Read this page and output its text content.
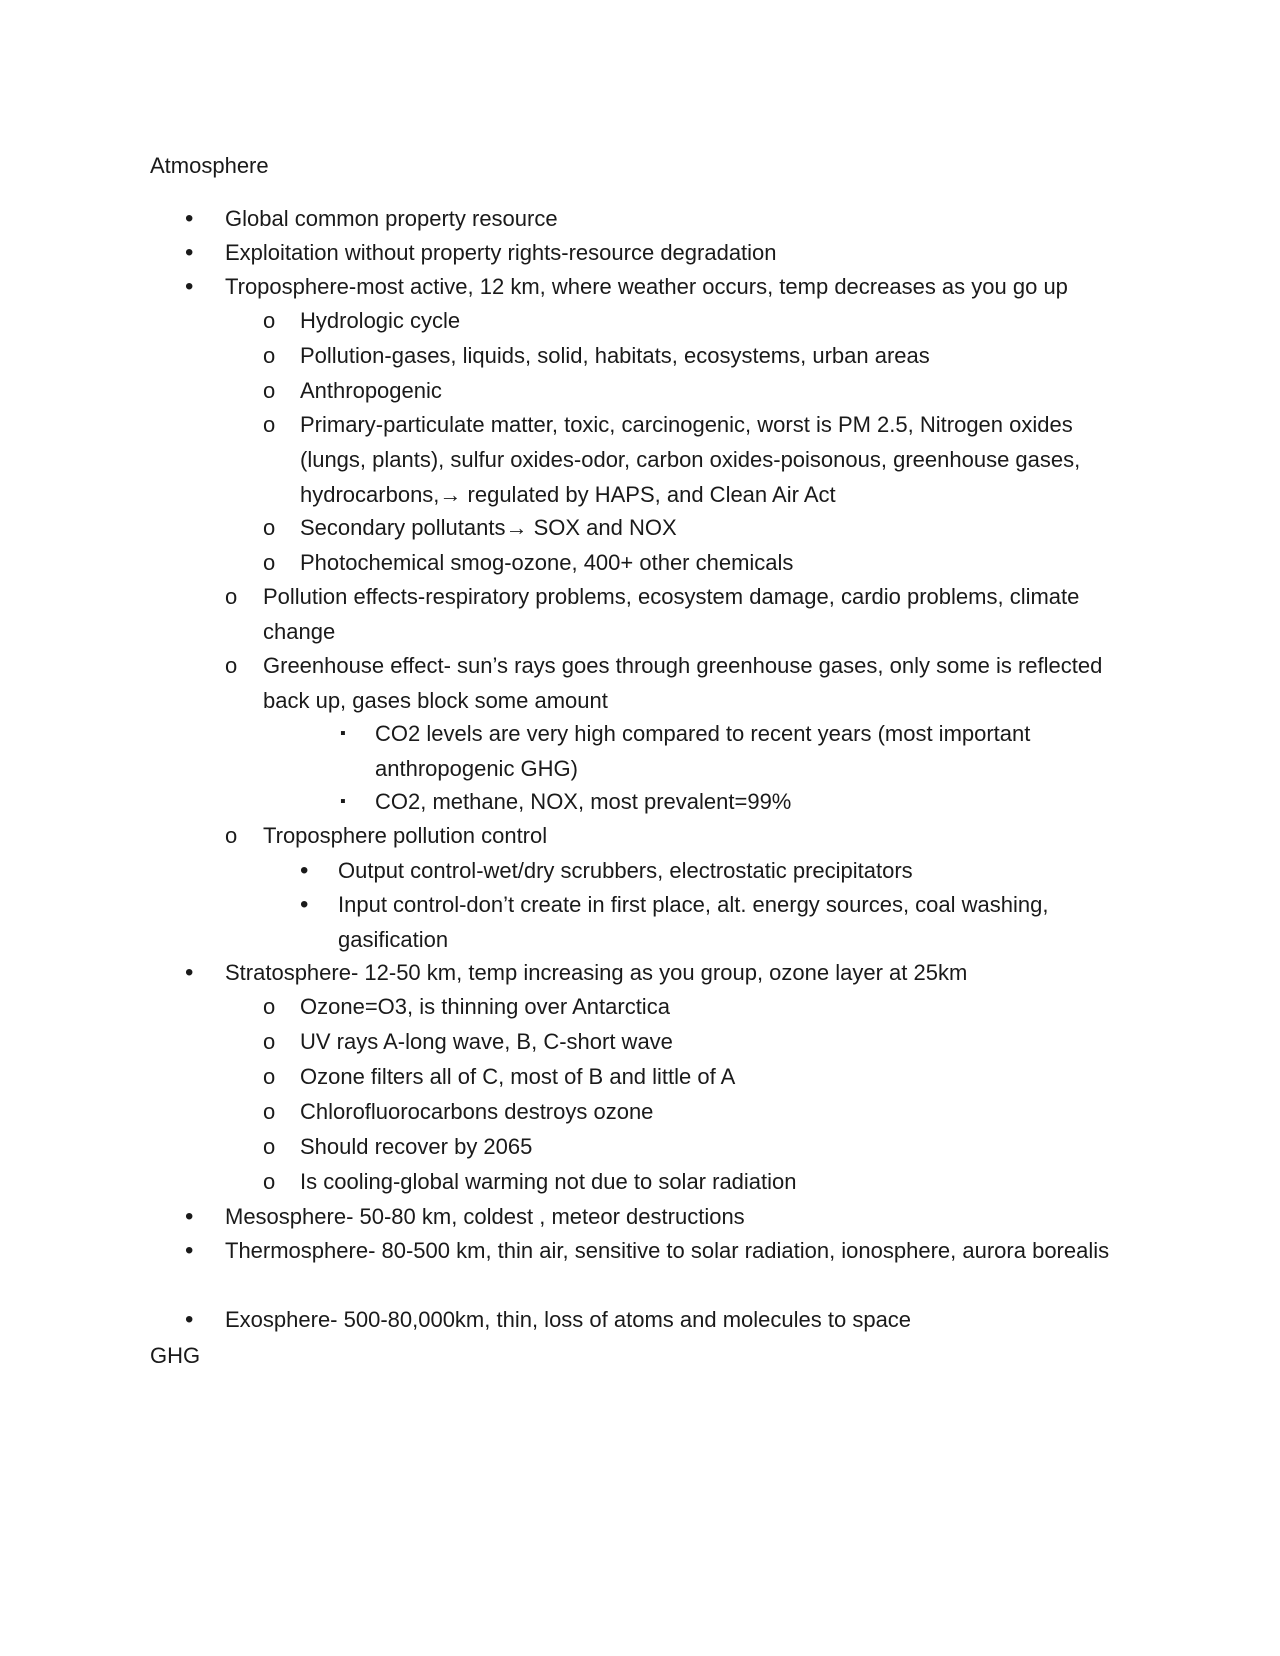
Atmosphere
• Global common property resource
• Exploitation without property rights-resource degradation
• Troposphere-most active, 12 km, where weather occurs, temp decreases as you go up
o Hydrologic cycle
o Pollution-gases, liquids, solid, habitats, ecosystems, urban areas
o Anthropogenic
o Primary-particulate matter, toxic, carcinogenic, worst is PM 2.5, Nitrogen oxides (lungs, plants), sulfur oxides-odor, carbon oxides-poisonous, greenhouse gases, hydrocarbons,→ regulated by HAPS, and Clean Air Act
o Secondary pollutants→ SOX and NOX
o Photochemical smog-ozone, 400+ other chemicals
o Pollution effects-respiratory problems, ecosystem damage, cardio problems, climate change
o Greenhouse effect- sun’s rays goes through greenhouse gases, only some is reflected back up, gases block some amount
▪ CO2 levels are very high compared to recent years (most important anthropogenic GHG)
▪ CO2, methane, NOX, most prevalent=99%
o Troposphere pollution control
• Output control-wet/dry scrubbers, electrostatic precipitators
• Input control-don’t create in first place, alt. energy sources, coal washing, gasification
• Stratosphere- 12-50 km, temp increasing as you group, ozone layer at 25km
o Ozone=O3, is thinning over Antarctica
o UV rays A-long wave, B, C-short wave
o Ozone filters all of C, most of B and little of A
o Chlorofluorocarbons destroys ozone
o Should recover by 2065
o Is cooling-global warming not due to solar radiation
• Mesosphere- 50-80 km, coldest , meteor destructions
• Thermosphere- 80-500 km, thin air, sensitive to solar radiation, ionosphere, aurora borealis
• Exosphere- 500-80,000km, thin, loss of atoms and molecules to space
GHG
